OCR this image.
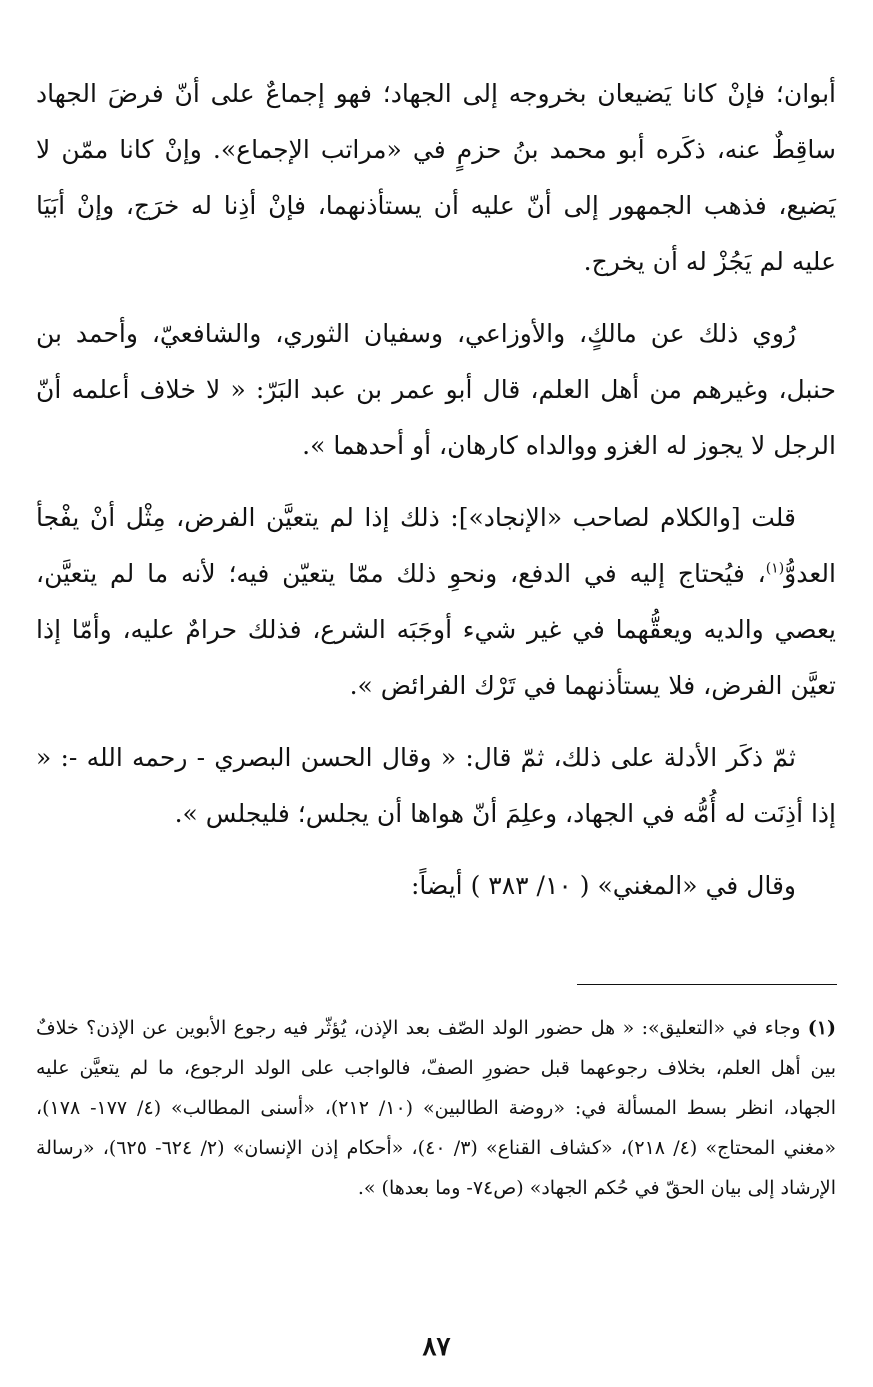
أبوان؛ فإنْ كانا يَضيعان بخروجه إلى الجهاد؛ فهو إجماعٌ على أنّ فرضَ الجهاد ساقِطٌ عنه، ذكَره أبو محمد بنُ حزمٍ في «مراتب الإجماع». وإنْ كانا ممّن لا يَضيع، فذهب الجمهور إلى أنّ عليه أن يستأذنهما، فإنْ أذِنا له خرَج، وإنْ أبَيَا عليه لم يَجُزْ له أن يخرج.

رُوي ذلك عن مالكٍ، والأوزاعي، وسفيان الثوري، والشافعيّ، وأحمد بن حنبل، وغيرهم من أهل العلم، قال أبو عمر بن عبد البَرّ: « لا خلاف أعلمه أنّ الرجل لا يجوز له الغزو ووالداه كارهان، أو أحدهما ».

قلت [والكلام لصاحب «الإنجاد»]: ذلك إذا لم يتعيَّن الفرض، مِثْل أنْ يفْجأ العدوُّ$^{(١)}$، فيُحتاج إليه في الدفع، ونحوِ ذلك ممّا يتعيّن فيه؛ لأنه ما لم يتعيَّن، يعصي والديه ويعقُّهما في غير شيء أوجَبَه الشرع، فذلك حرامٌ عليه، وأمّا إذا تعيَّن الفرض، فلا يستأذنهما في تَرْك الفرائض ».

ثمّ ذكَر الأدلة على ذلك، ثمّ قال: « وقال الحسن البصري - رحمه الله -: « إذا أذِنَت له أُمُّه في الجهاد، وعلِمَ أنّ هواها أن يجلس؛ فليجلس ».

وقال في «المغني» ( ١٠/ ٣٨٣ ) أيضاً:

(١) وجاء في «التعليق»: « هل حضور الولد الصّف بعد الإذن، يُؤثّر فيه رجوع الأبوين عن الإذن؟ خلافٌ بين أهل العلم، بخلاف رجوعهما قبل حضورِ الصفّ، فالواجب على الولد الرجوع، ما لم يتعيَّن عليه الجهاد، انظر بسط المسألة في: «روضة الطالبين» (١٠/ ٢١٢)، «أسنى المطالب» (٤/ ١٧٧- ١٧٨)، «مغني المحتاج» (٤/ ٢١٨)، «كشاف القناع» (٣/ ٤٠)، «أحكام إذن الإنسان» (٢/ ٦٢٤- ٦٢٥)، «رسالة الإرشاد إلى بيان الحقّ في حُكم الجهاد» (ص٧٤- وما بعدها) ».

٨٧
